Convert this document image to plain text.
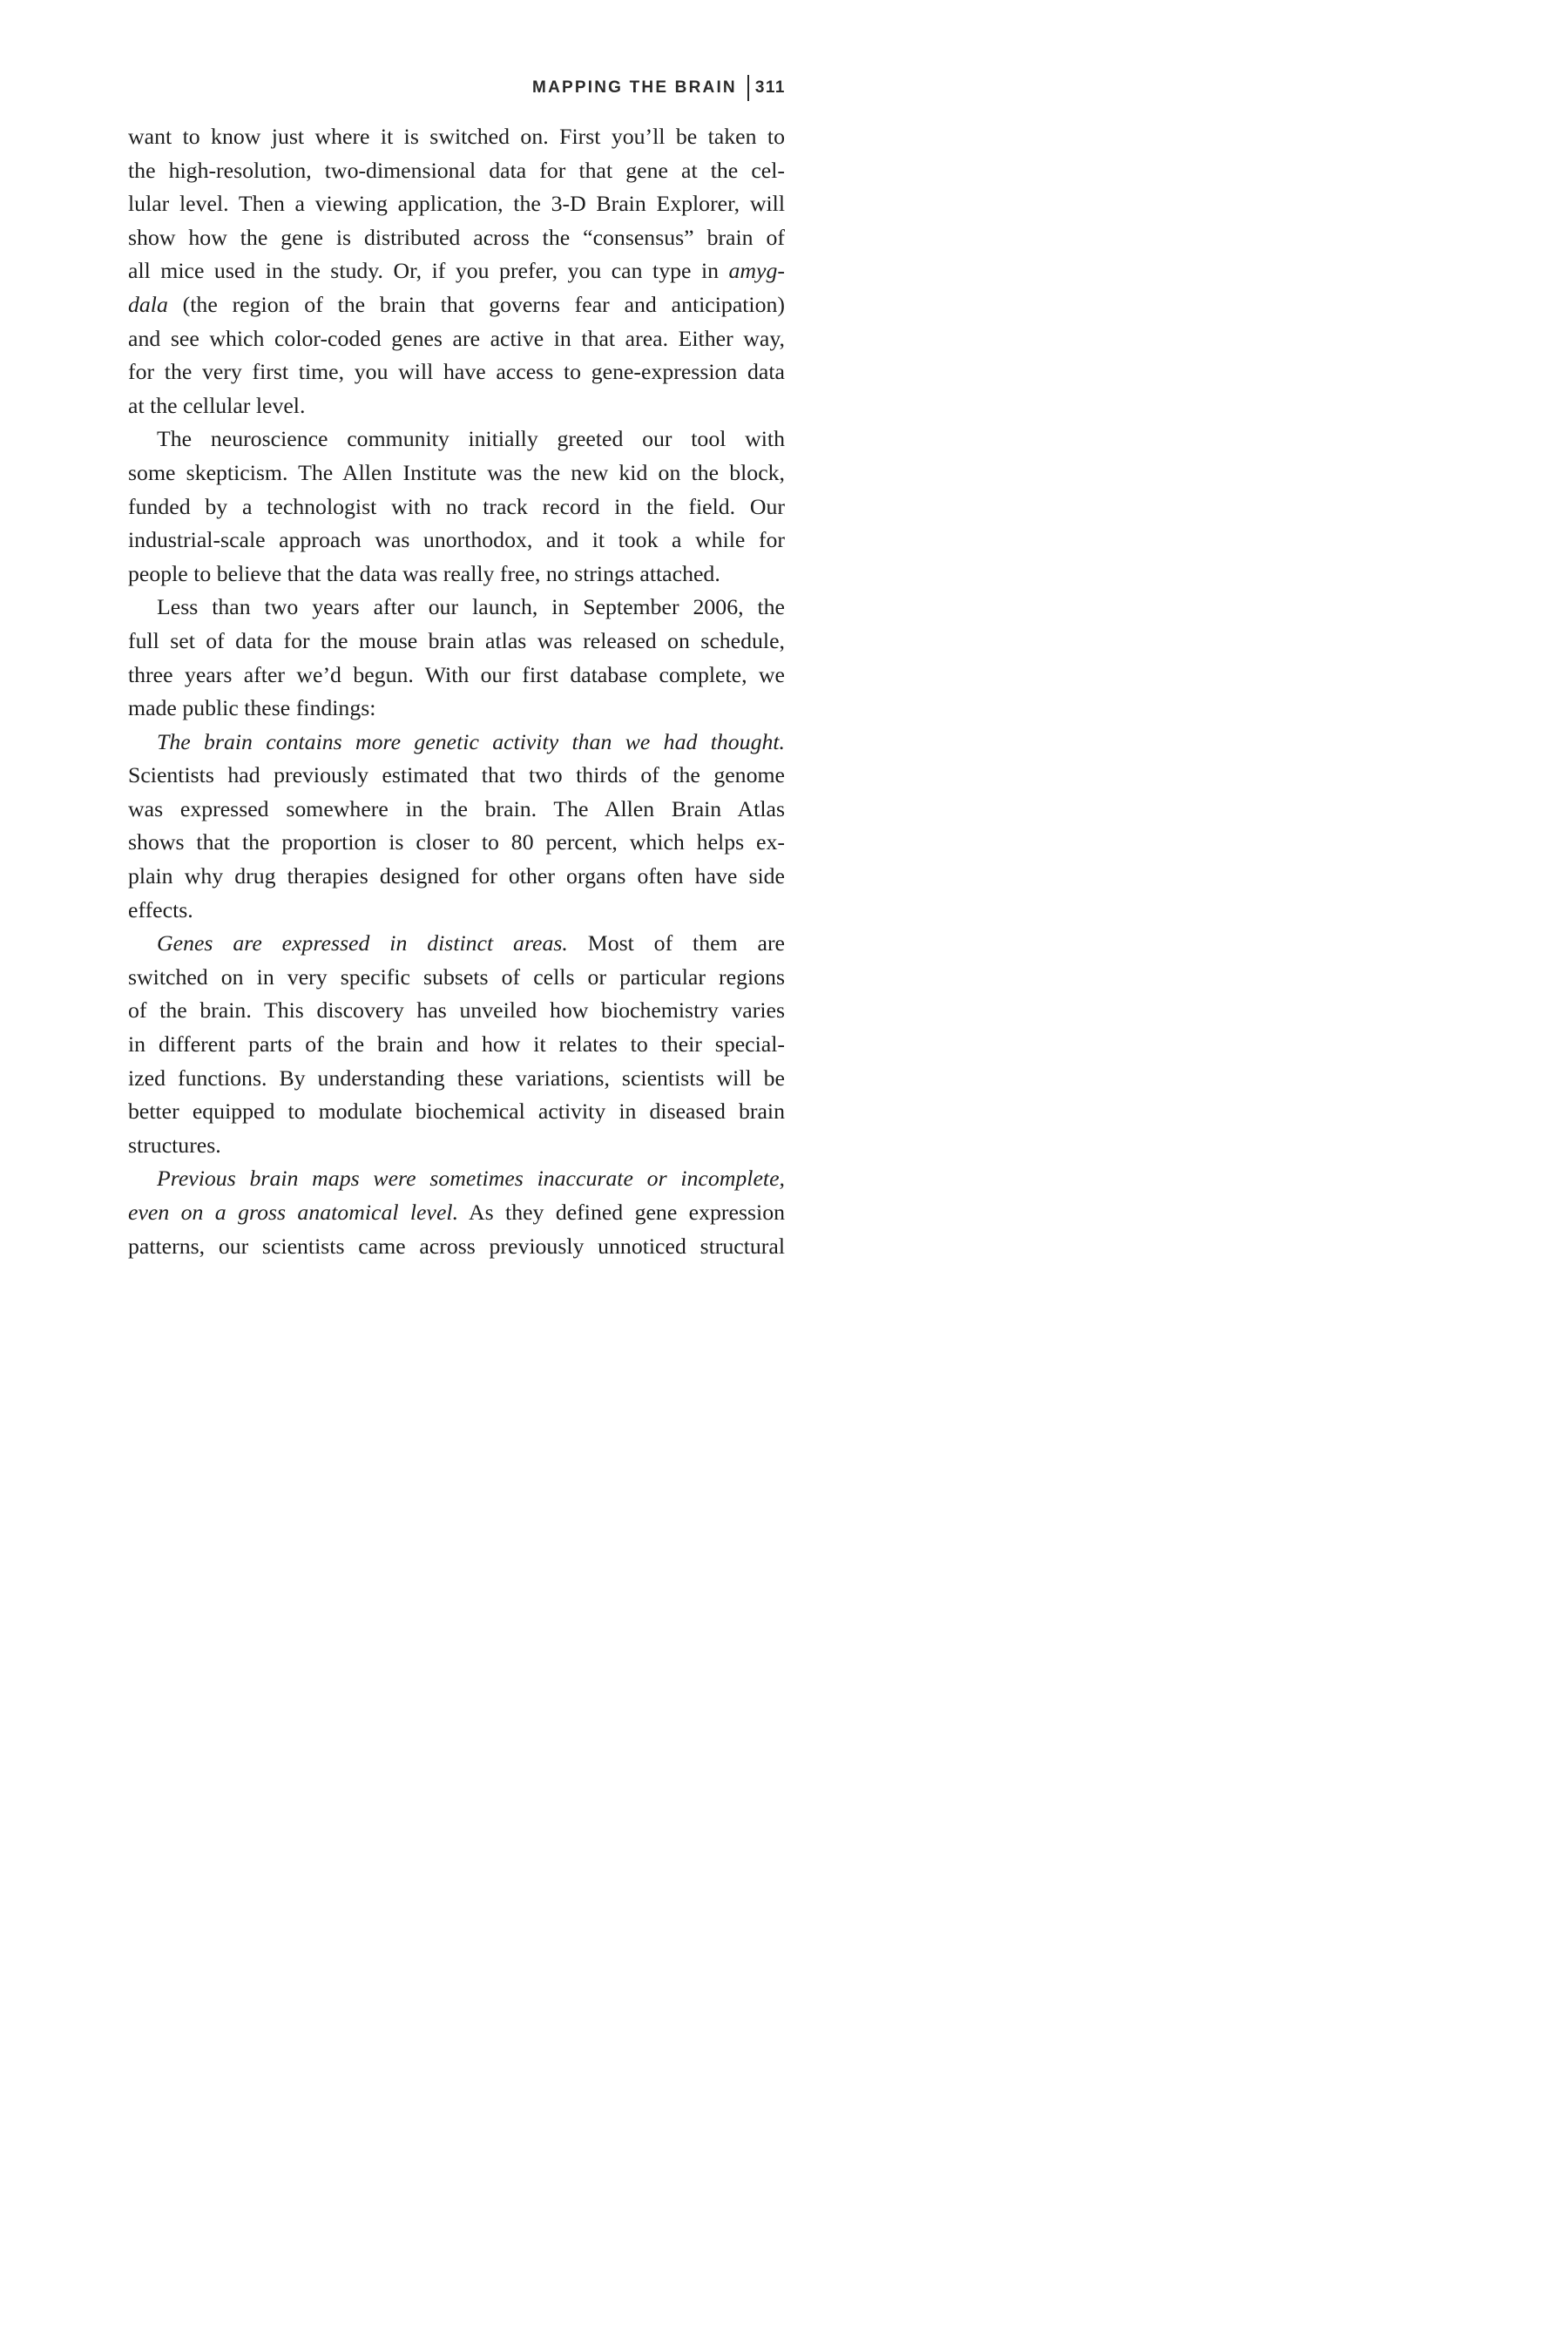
MAPPING THE BRAIN	311
want to know just where it is switched on. First you’ll be taken to
the high-resolution, two-dimensional data for that gene at the cel-
lular level. Then a viewing application, the 3-D Brain Explorer, will
show how the gene is distributed across the “consensus” brain of
all mice used in the study. Or, if you prefer, you can type in amyg-
dala (the region of the brain that governs fear and anticipation)
and see which color-coded genes are active in that area. Either way,
for the very first time, you will have access to gene-expression data
at the cellular level.
The neuroscience community initially greeted our tool with
some skepticism. The Allen Institute was the new kid on the block,
funded by a technologist with no track record in the field. Our
industrial-scale approach was unorthodox, and it took a while for
people to believe that the data was really free, no strings attached.
Less than two years after our launch, in September 2006, the
full set of data for the mouse brain atlas was released on schedule,
three years after we’d begun. With our first database complete, we
made public these findings:
The brain contains more genetic activity than we had thought.
Scientists had previously estimated that two thirds of the genome
was expressed somewhere in the brain. The Allen Brain Atlas
shows that the proportion is closer to 80 percent, which helps ex-
plain why drug therapies designed for other organs often have side
effects.
Genes are expressed in distinct areas. Most of them are
switched on in very specific subsets of cells or particular regions
of the brain. This discovery has unveiled how biochemistry varies
in different parts of the brain and how it relates to their special-
ized functions. By understanding these variations, scientists will be
better equipped to modulate biochemical activity in diseased brain
structures.
Previous brain maps were sometimes inaccurate or incomplete,
even on a gross anatomical level. As they defined gene expression
patterns, our scientists came across previously unnoticed structural
